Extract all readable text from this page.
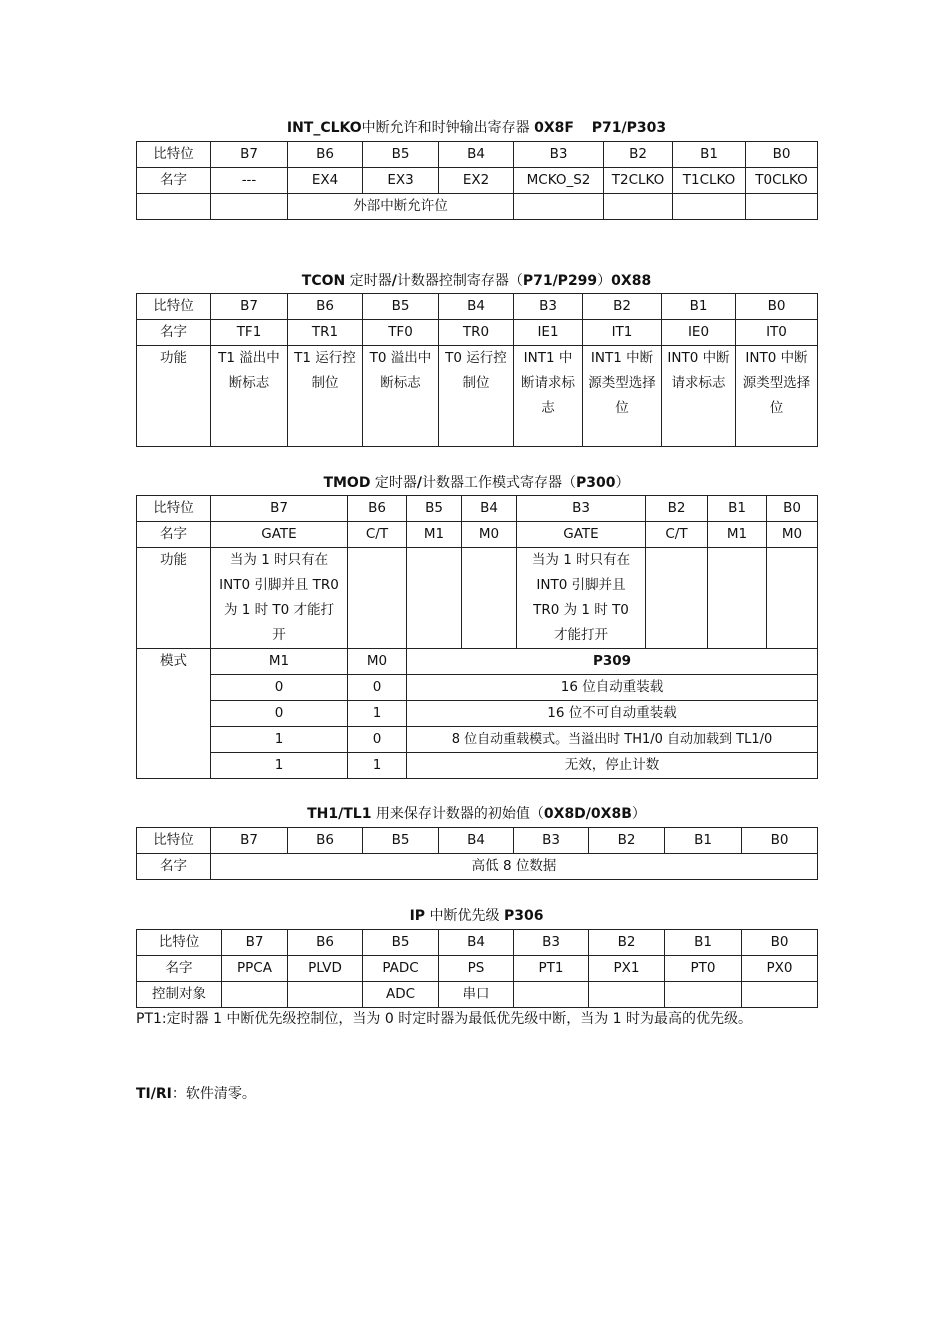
INT_CLKO中断允许和时钟输出寄存器 0X8F P71/P303
比特位	B7	B6	B5	B4	B3	B2	B1	B0
名字	---	EX4	EX3	EX2	MCKO_S2	T2CLKO	T1CLKO	T0CLKO
		外部中断允许位						
TCON 定时器/计数器控制寄存器（P71/P299）0X88
比特位	B7	B6	B5	B4	B3	B2	B1	B0
名字	TF1	TR1	TF0	TR0	IE1	IT1	IE0	IT0
功能	T1 溢出中断标志	T1 运行控制位	T0 溢出中断标志	T0 运行控制位	INT1 中断请求标志	INT1 中断源类型选择位	INT0 中断请求标志	INT0 中断源类型选择位
TMOD 定时器/计数器工作模式寄存器（P300）
比特位	B7	B6	B5	B4	B3	B2	B1	B0
名字	GATE	C/T	M1	M0	GATE	C/T	M1	M0
功能	当为 1 时只有在 INT0 引脚并且 TR0 为 1 时 T0 才能打开				当为 1 时只有在 INT0 引脚并且 TR0 为 1 时 T0 才能打开			
模式	M1	M0	P309					
	0	0	16 位自动重装载					
	0	1	16 位不可自动重装载					
	1	0	8 位自动重载模式。当溢出时 TH1/0 自动加载到 TL1/0					
	1	1	无效，停止计数					
TH1/TL1 用来保存计数器的初始值（0X8D/0X8B）
比特位	B7	B6	B5	B4	B3	B2	B1	B0
名字	高低 8 位数据							
IP 中断优先级 P306
比特位	B7	B6	B5	B4	B3	B2	B1	B0
名字	PPCA	PLVD	PADC	PS	PT1	PX1	PT0	PX0
控制对象			ADC	串口				
PT1:定时器 1 中断优先级控制位，当为 0 时定时器为最低优先级中断，当为 1 时为最高的优先级。
TI/RI：软件清零。
